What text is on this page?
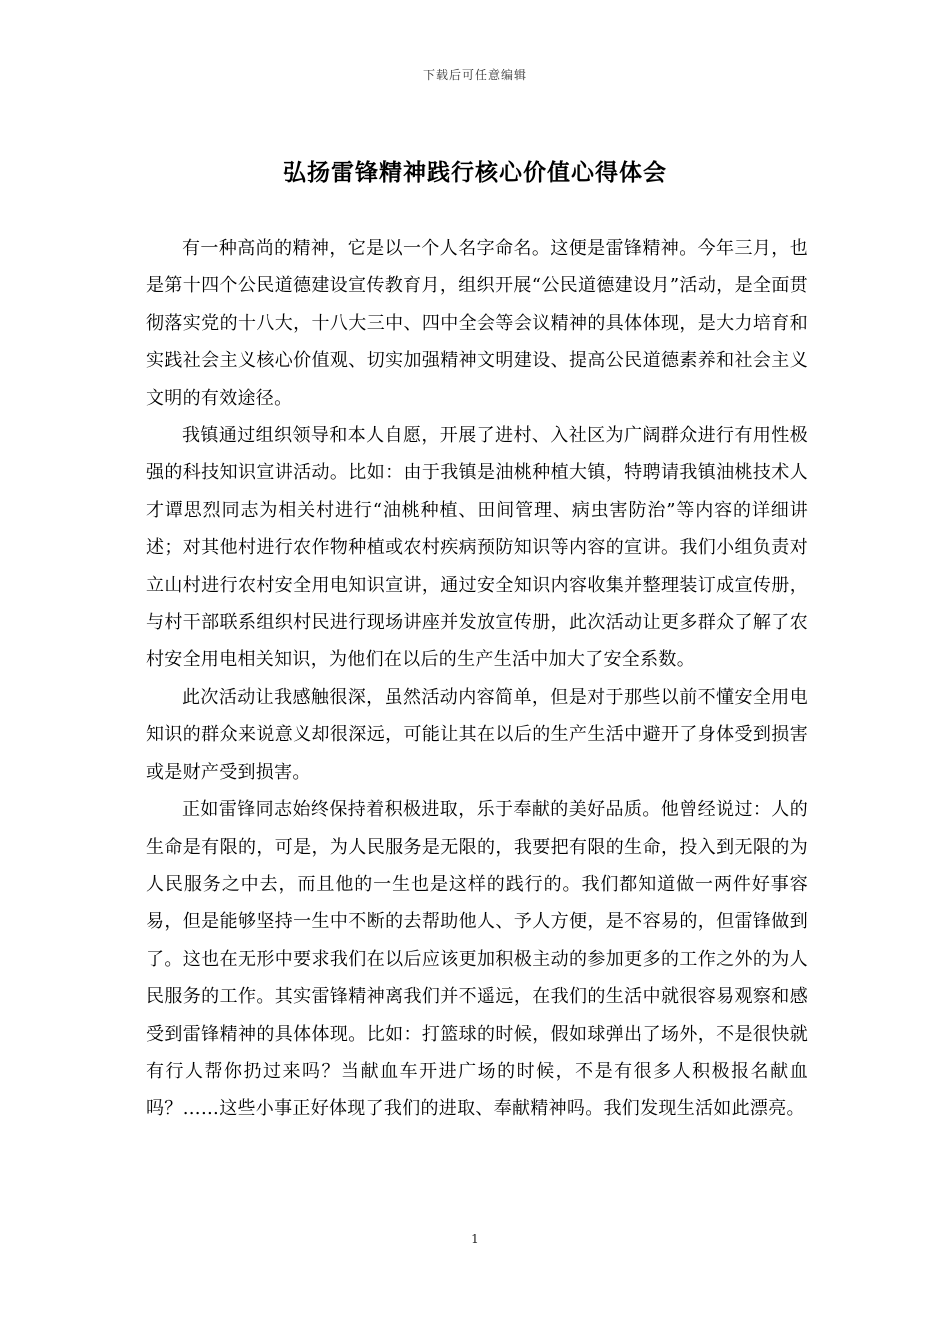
下载后可任意编辑
弘扬雷锋精神践行核心价值心得体会

有一种高尚的精神，它是以一个人名字命名。这便是雷锋精神。今年三月，也是第十四个公民道德建设宣传教育月，组织开展“公民道德建设月”活动，是全面贯彻落实党的十八大，十八大三中、四中全会等会议精神的具体体现，是大力培育和实践社会主义核心价值观、切实加强精神文明建设、提高公民道德素养和社会主义文明的有效途径。

我镇通过组织领导和本人自愿，开展了进村、入社区为广阔群众进行有用性极强的科技知识宣讲活动。比如：由于我镇是油桃种植大镇，特聘请我镇油桃技术人才谭思烈同志为相关村进行“油桃种植、田间管理、病虫害防治”等内容的详细讲述；对其他村进行农作物种植或农村疾病预防知识等内容的宣讲。我们小组负责对立山村进行农村安全用电知识宣讲，通过安全知识内容收集并整理装订成宣传册，与村干部联系组织村民进行现场讲座并发放宣传册，此次活动让更多群众了解了农村安全用电相关知识，为他们在以后的生产生活中加大了安全系数。

此次活动让我感触很深，虽然活动内容简单，但是对于那些以前不懂安全用电知识的群众来说意义却很深远，可能让其在以后的生产生活中避开了身体受到损害或是财产受到损害。

正如雷锋同志始终保持着积极进取，乐于奉献的美好品质。他曾经说过：人的生命是有限的，可是，为人民服务是无限的，我要把有限的生命，投入到无限的为人民服务之中去，而且他的一生也是这样的践行的。我们都知道做一两件好事容易，但是能够坚持一生中不断的去帮助他人、予人方便，是不容易的，但雷锋做到了。这也在无形中要求我们在以后应该更加积极主动的参加更多的工作之外的为人民服务的工作。其实雷锋精神离我们并不遥远，在我们的生活中就很容易观察和感受到雷锋精神的具体体现。比如：打篮球的时候，假如球弹出了场外，不是很快就有行人帮你扔过来吗？当献血车开进广场的时候，不是有很多人积极报名献血吗？……这些小事正好体现了我们的进取、奉献精神吗。我们发现生活如此漂亮。

1
